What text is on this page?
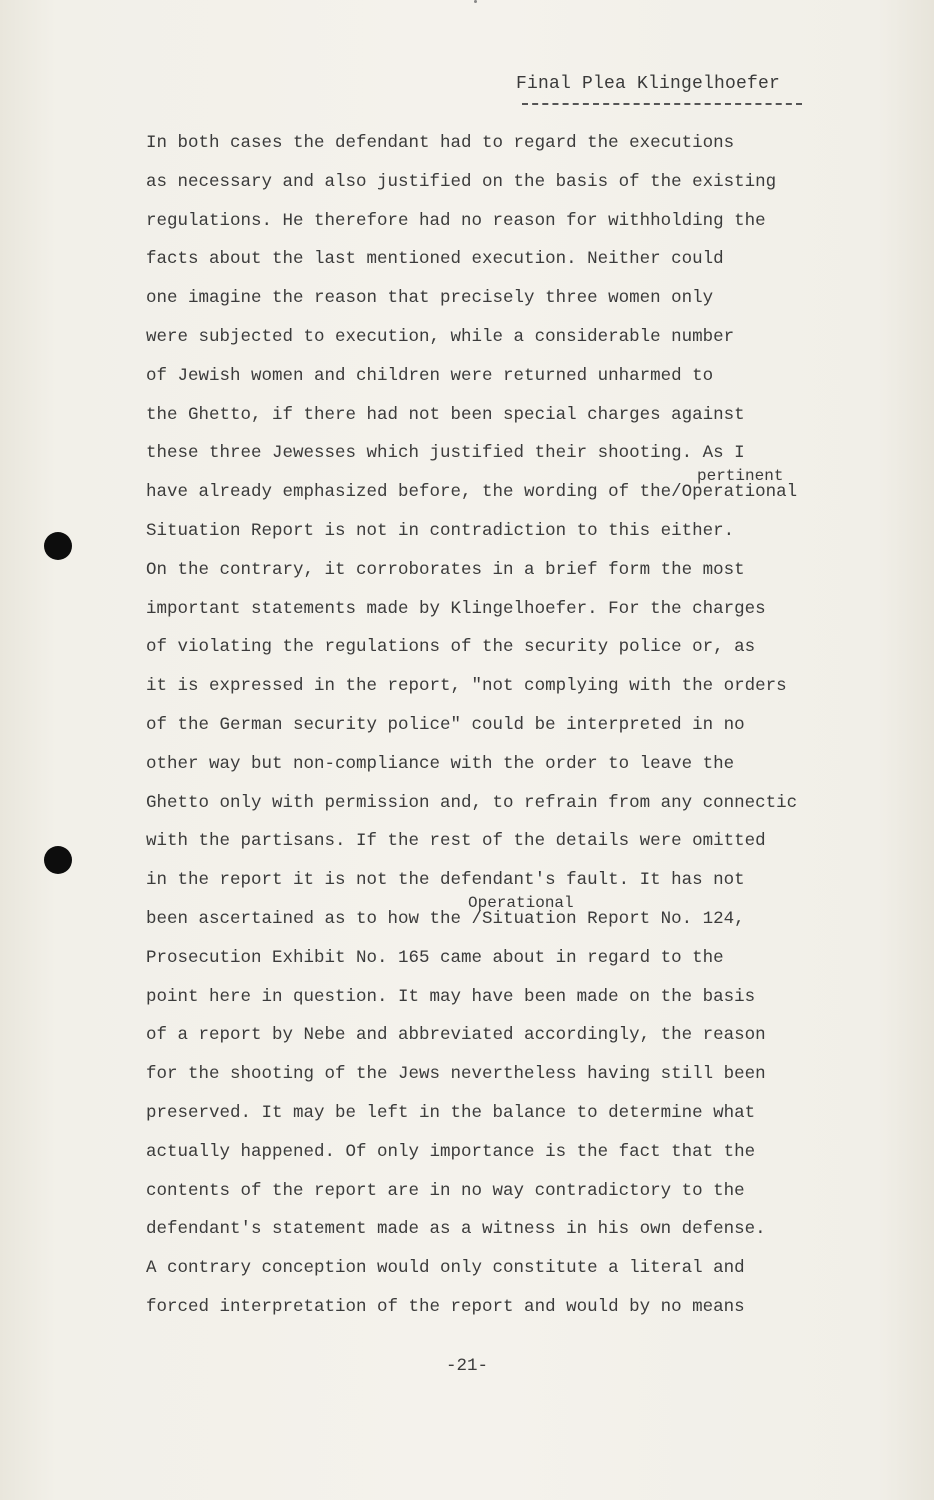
Final Plea Klingelhoefer
In both cases the defendant had to regard the executions
as necessary and also justified on the basis of the existing
regulations. He therefore had no reason for withholding the
facts about the last mentioned execution. Neither could
one imagine the reason that precisely three women only
were subjected to execution, while a considerable number
of Jewish women and children were returned unharmed to
the Ghetto, if there had not been special charges against
these three Jewesses which justified their shooting. As I
pertinent
have already emphasized before, the wording of the/Operational
Situation Report is not in contradiction to this either.
On the contrary, it corroborates in a brief form the most
important statements made by Klingelhoefer. For the charges
of violating the regulations of the security police or, as
it is expressed in the report, "not complying with the orders
of the German security police" could be interpreted in no
other way but non-compliance with the order to leave the
Ghetto only with permission and, to refrain from any connectic
with the partisans. If the rest of the details were omitted
in the report it is not the defendant's fault. It has not
Operational
been ascertained as to how the /Situation Report No. 124,
Prosecution Exhibit No. 165 came about in regard to the
point here in question. It may have been made on the basis
of a report by Nebe and abbreviated accordingly, the reason
for the shooting of the Jews nevertheless having still been
preserved. It may be left in the balance to determine what
actually happened. Of only importance is the fact that the
contents of the report are in no way contradictory to the
defendant's statement made as a witness in his own defense.
A contrary conception would only constitute a literal and
forced interpretation of the report and would by no means
-21-
